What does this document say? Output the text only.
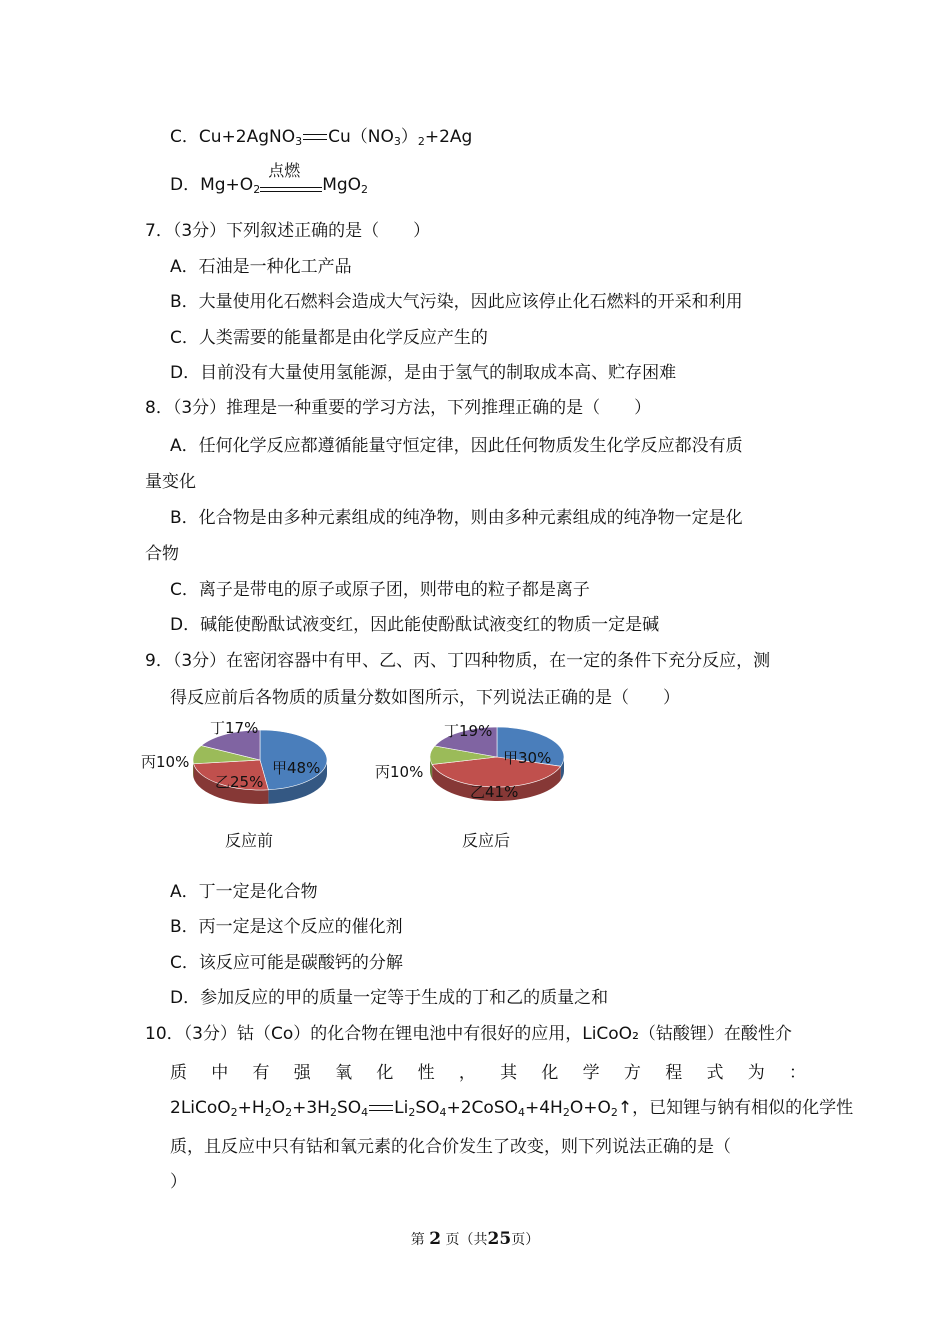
C．Cu+2AgNO$_3$ $Cu(NO_3)_2+2Ag$
D．$Mg+O_2$
点燃
MgO$_2$
7．（3分）下列叙述正确的是（　　）
A．石油是一种化工产品
B．大量使用化石燃料会造成大气污染，因此应该停止化石燃料的开采和利用
C．人类需要的能量都是由化学反应产生的
D．目前没有大量使用氢能源，是由于氢气的制取成本高、贮存困难
8．（3分）推理是一种重要的学习方法，下列推理正确的是（　　）
A．任何化学反应都遵循能量守恒定律，因此任何物质发生化学反应都没有质
量变化
B．化合物是由多种元素组成的纯净物，则由多种元素组成的纯净物一定是化
合物
C．离子是带电的原子或原子团，则带电的粒子都是离子
D．碱能使酚酞试液变红，因此能使酚酞试液变红的物质一定是碱
9．（3分）在密闭容器中有甲、乙、丙、丁四种物质，在一定的条件下充分反应，测
得反应前后各物质的质量分数如图所示，下列说法正确的是（　　）
甲48%
乙25%
丙10%
丁17%
甲30%
乙41%
丙10%
丁19%
反应前	反应后
A．丁一定是化合物
B．丙一定是这个反应的催化剂
C．该反应可能是碳酸钙的分解
D．参加反应的甲的质量一定等于生成的丁和乙的质量之和
10．（3分）钴（Co）的化合物在锂电池中有很好的应用，LiCoO₂（钴酸锂）在酸性介
质 中 有 强 氧 化 性 ， 其 化 学 方 程 式 为 ：
$2LiCoO_2+H_2O_2+3H_2SO_4$ $Li_2SO_4+2CoSO_4+4H_2O+O_2↑$，已知锂与钠有相似的化学性
质，且反应中只有钴和氧元素的化合价发生了改变，则下列说法正确的是（
）
第 2 页（共25页）
